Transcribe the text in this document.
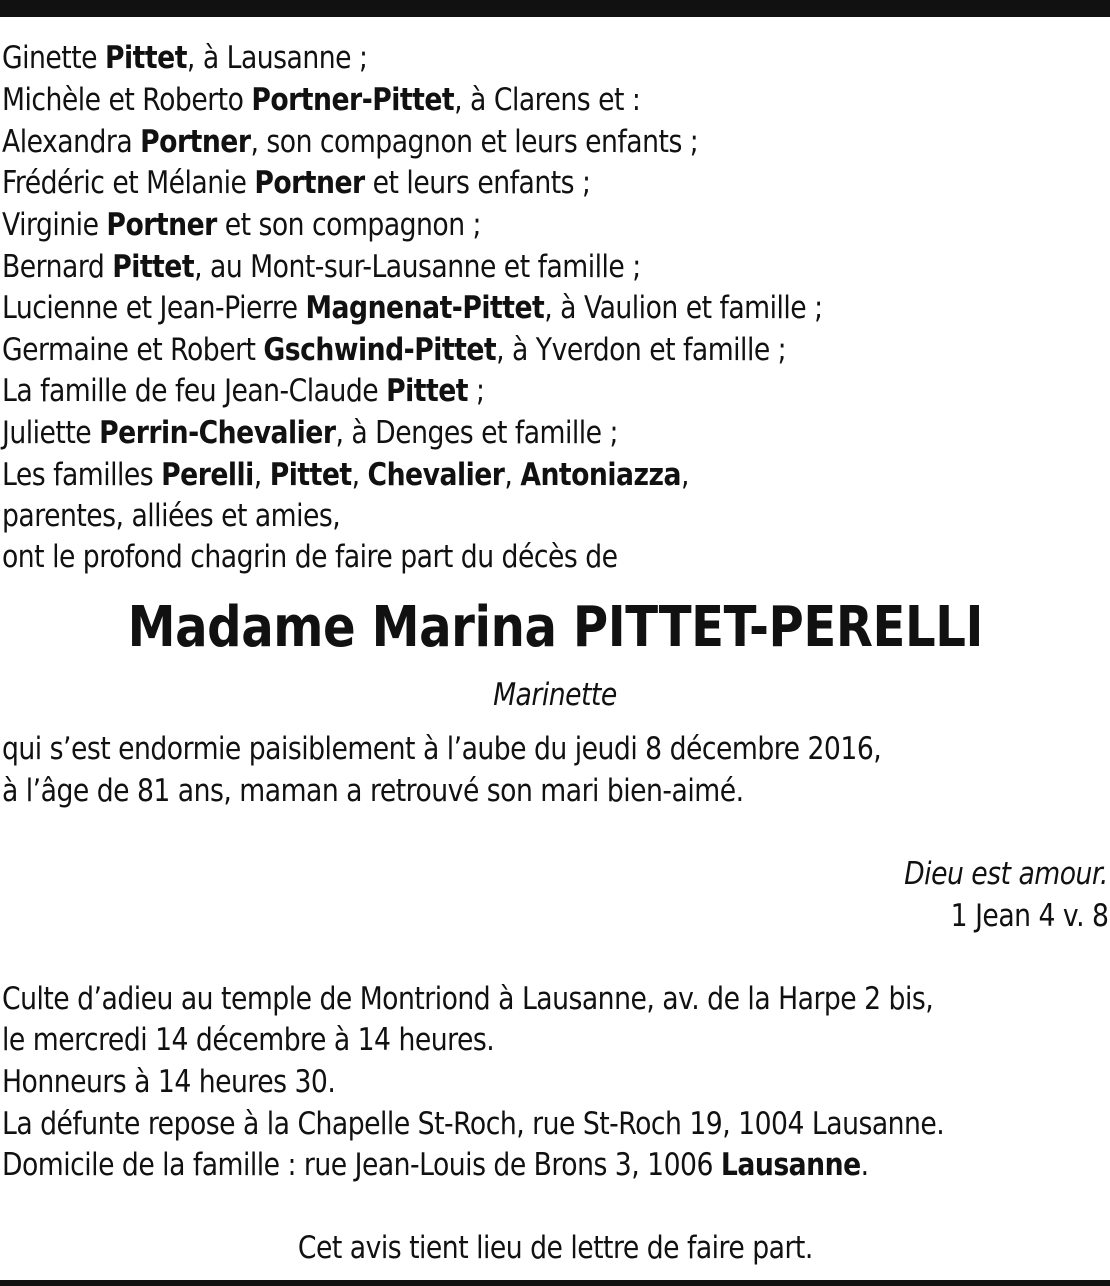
Ginette Pittet, à Lausanne ;
Michèle et Roberto Portner-Pittet, à Clarens et :
Alexandra Portner, son compagnon et leurs enfants ;
Frédéric et Mélanie Portner et leurs enfants ;
Virginie Portner et son compagnon ;
Bernard Pittet, au Mont-sur-Lausanne et famille ;
Lucienne et Jean-Pierre Magnenat-Pittet, à Vaulion et famille ;
Germaine et Robert Gschwind-Pittet, à Yverdon et famille ;
La famille de feu Jean-Claude Pittet ;
Juliette Perrin-Chevalier, à Denges et famille ;
Les familles Perelli, Pittet, Chevalier, Antoniazza,
parentes, alliées et amies,
ont le profond chagrin de faire part du décès de
Madame Marina PITTET-PERELLI
Marinette
qui s’est endormie paisiblement à l’aube du jeudi 8 décembre 2016,
à l’âge de 81 ans, maman a retrouvé son mari bien-aimé.
Dieu est amour.
1 Jean 4 v. 8
Culte d’adieu au temple de Montriond à Lausanne, av. de la Harpe 2 bis,
le mercredi 14 décembre à 14 heures.
Honneurs à 14 heures 30.
La défunte repose à la Chapelle St-Roch, rue St-Roch 19, 1004 Lausanne.
Domicile de la famille : rue Jean-Louis de Brons 3, 1006 Lausanne.
Cet avis tient lieu de lettre de faire part.
